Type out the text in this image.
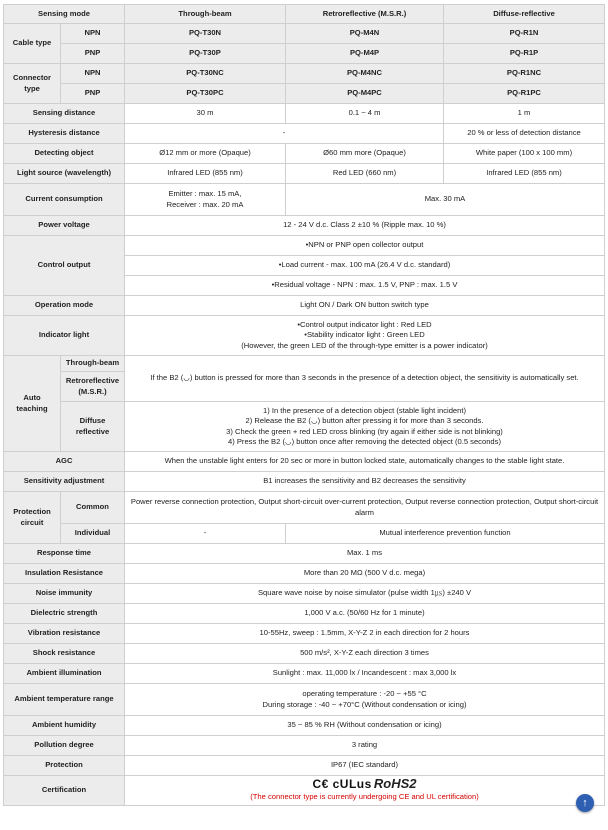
Sensing mode		Through-beam	Retroreflective (M.S.R.)	Diffuse-reflective
Cable type	NPN	PQ-T30N	PQ-M4N	PQ-R1N
	PNP	PQ-T30P	PQ-M4P	PQ-R1P
Connector type	NPN	PQ-T30NC	PQ-M4NC	PQ-R1NC
	PNP	PQ-T30PC	PQ-M4PC	PQ-R1PC
Sensing distance		30 m	0.1 ~ 4 m	1 m
Hysteresis distance		-		20 % or less of detection distance
Detecting object		Ø12 mm or more (Opaque)	Ø60 mm more (Opaque)	White paper (100 x 100 mm)
Light source (wavelength)		Infrared LED (855 nm)	Red LED (660 nm)	Infrared LED (855 nm)
Current consumption		Emitter : max. 15 mA,
Receiver : max. 20 mA	Max. 30 mA	
Power voltage		12 - 24 V d.c. Class 2 ±10 % (Ripple max. 10 %)		
Control output		•NPN or PNP open collector output		
		•Load current - max. 100 mA (26.4 V d.c. standard)		
		•Residual voltage - NPN : max. 1.5 V, PNP : max. 1.5 V		
Operation mode		Light ON / Dark ON button switch type		
Indicator light		•Control output indicator light : Red LED
•Stability indicator light : Green LED
(However, the green LED of the through-type emitter is a power indicator)		

Auto teaching	Through-beam	If the B2 (◡) button is pressed for more than 3 seconds in the presence of a detection object, the sensitivity is automatically set.		
	Retroreflective (M.S.R.)			
	Diffuse reflective	1) In the presence of a detection object (stable light incident)
2) Release the B2 (◡) button after pressing it for more than 3 seconds.
3) Check the green + red LED cross blinking (try again if either side is not blinking)
4) Press the B2 (◡) button once after removing the detected object (0.5 seconds)		

AGC		When the unstable light enters for 20 sec or more in button locked state, automatically changes to the stable light state.		
Sensitivity adjustment		B1 increases the sensitivity and B2 decreases the sensitivity		
Protection circuit	Common	Power reverse connection protection, Output short-circuit over-current protection, Output reverse connection protection, Output short-circuit alarm		
	Individual	-	Mutual interference prevention function	
Response time		Max. 1 ms		
Insulation Resistance		More than 20 MΩ (500 V d.c. mega)		
Noise immunity		Square wave noise by noise simulator (pulse width 1㎲) ±240 V		
Dielectric strength		1,000 V a.c. (50/60 Hz for 1 minute)		
Vibration resistance		10-55Hz, sweep : 1.5mm, X-Y-Z 2 in each direction for 2 hours		
Shock resistance		500 m/s², X-Y-Z each direction 3 times		
Ambient illumination		Sunlight : max. 11,000 lx / Incandescent : max 3,000 lx		
Ambient temperature range		operating temperature : -20 ~ +55 °C
During storage : -40 ~ +70°C (Without condensation or icing)		

Ambient humidity		35 ~ 85 % RH (Without condensation or icing)		
Pollution degree		3 rating		
Protection		IP67 (IEC standard)		
Certification		C€ cULus RoHS2
(The connector type is currently undergoing CE and UL certification)		
↑
